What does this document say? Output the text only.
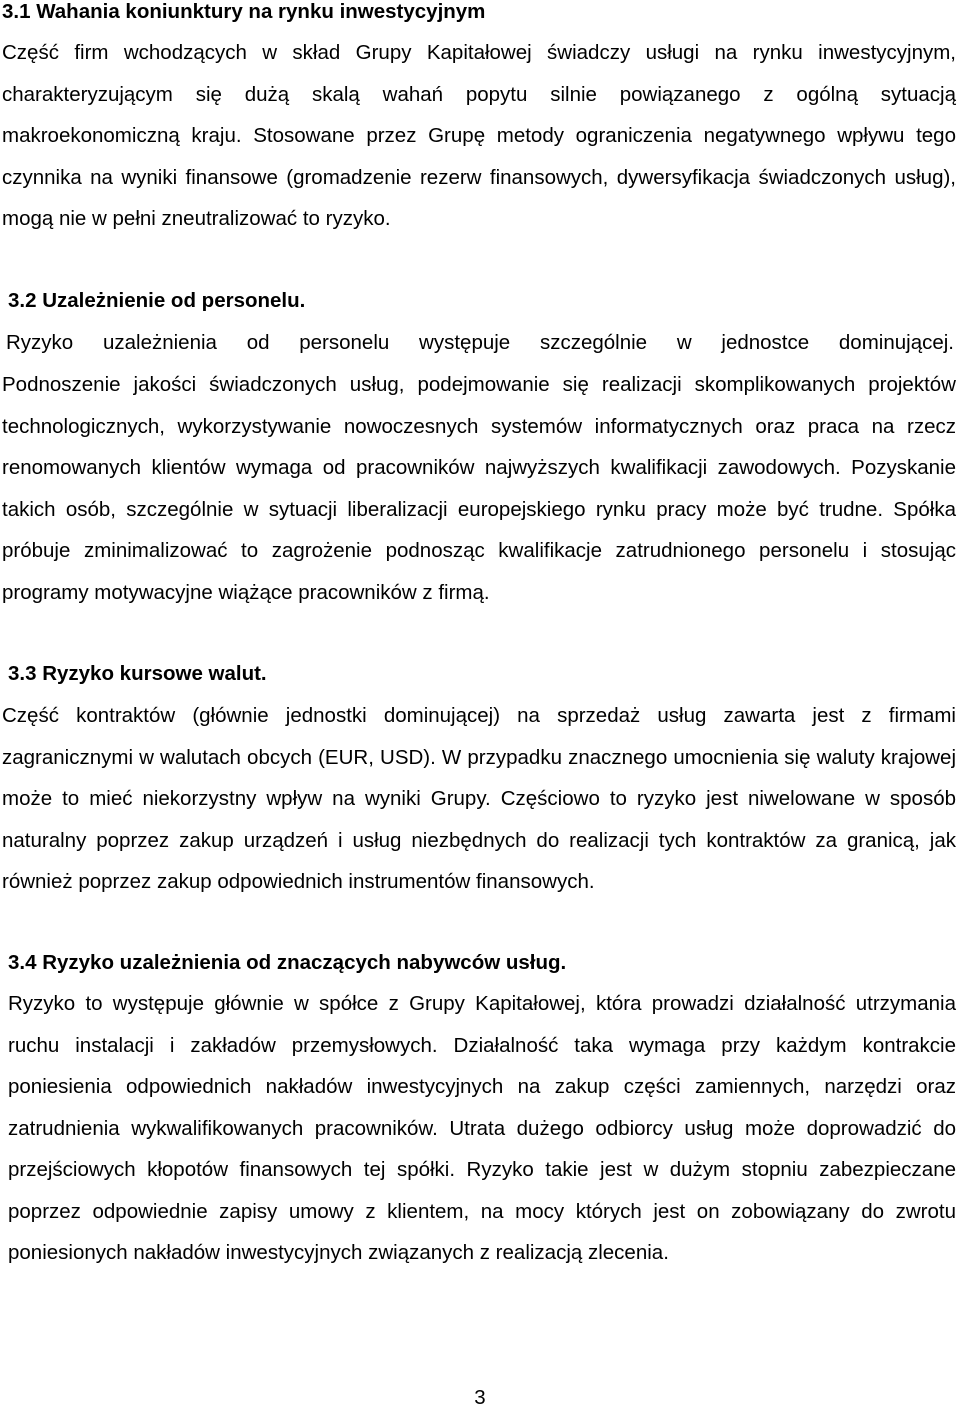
3.1 Wahania koniunktury na rynku inwestycyjnym

Część firm wchodzących w skład Grupy Kapitałowej świadczy usługi na rynku inwestycyjnym, charakteryzującym się dużą skalą wahań popytu silnie powiązanego z ogólną sytuacją makroekonomiczną kraju. Stosowane przez Grupę metody ograniczenia negatywnego wpływu tego czynnika na wyniki finansowe (gromadzenie rezerw finansowych, dywersyfikacja świadczonych usług), mogą nie w pełni zneutralizować to ryzyko.

3.2 Uzależnienie od personelu.

Ryzyko uzależnienia od personelu występuje szczególnie w jednostce dominującej.

Podnoszenie jakości świadczonych usług, podejmowanie się realizacji skomplikowanych projektów technologicznych, wykorzystywanie nowoczesnych systemów informatycznych oraz praca na rzecz renomowanych klientów wymaga od pracowników najwyższych kwalifikacji zawodowych. Pozyskanie takich osób, szczególnie w sytuacji liberalizacji europejskiego rynku pracy może być trudne. Spółka próbuje zminimalizować to zagrożenie podnosząc kwalifikacje zatrudnionego personelu i stosując programy motywacyjne wiążące pracowników z firmą.

3.3 Ryzyko kursowe walut.

Część kontraktów (głównie jednostki dominującej) na sprzedaż usług zawarta jest z firmami zagranicznymi w walutach obcych (EUR, USD). W przypadku znacznego umocnienia się waluty krajowej może to mieć niekorzystny wpływ na wyniki Grupy. Częściowo to ryzyko jest niwelowane w sposób naturalny poprzez zakup urządzeń i usług niezbędnych do realizacji tych kontraktów za granicą, jak również poprzez zakup odpowiednich instrumentów finansowych.

3.4 Ryzyko uzależnienia od znaczących nabywców usług.

Ryzyko to występuje głównie w spółce z Grupy Kapitałowej, która prowadzi działalność utrzymania ruchu instalacji i zakładów przemysłowych. Działalność taka wymaga przy każdym kontrakcie poniesienia odpowiednich nakładów inwestycyjnych na zakup części zamiennych, narzędzi oraz zatrudnienia wykwalifikowanych pracowników. Utrata dużego odbiorcy usług może doprowadzić do przejściowych kłopotów finansowych tej spółki. Ryzyko takie jest w dużym stopniu zabezpieczane poprzez odpowiednie zapisy umowy z klientem, na mocy których jest on zobowiązany do zwrotu poniesionych nakładów inwestycyjnych związanych z realizacją zlecenia.

3
